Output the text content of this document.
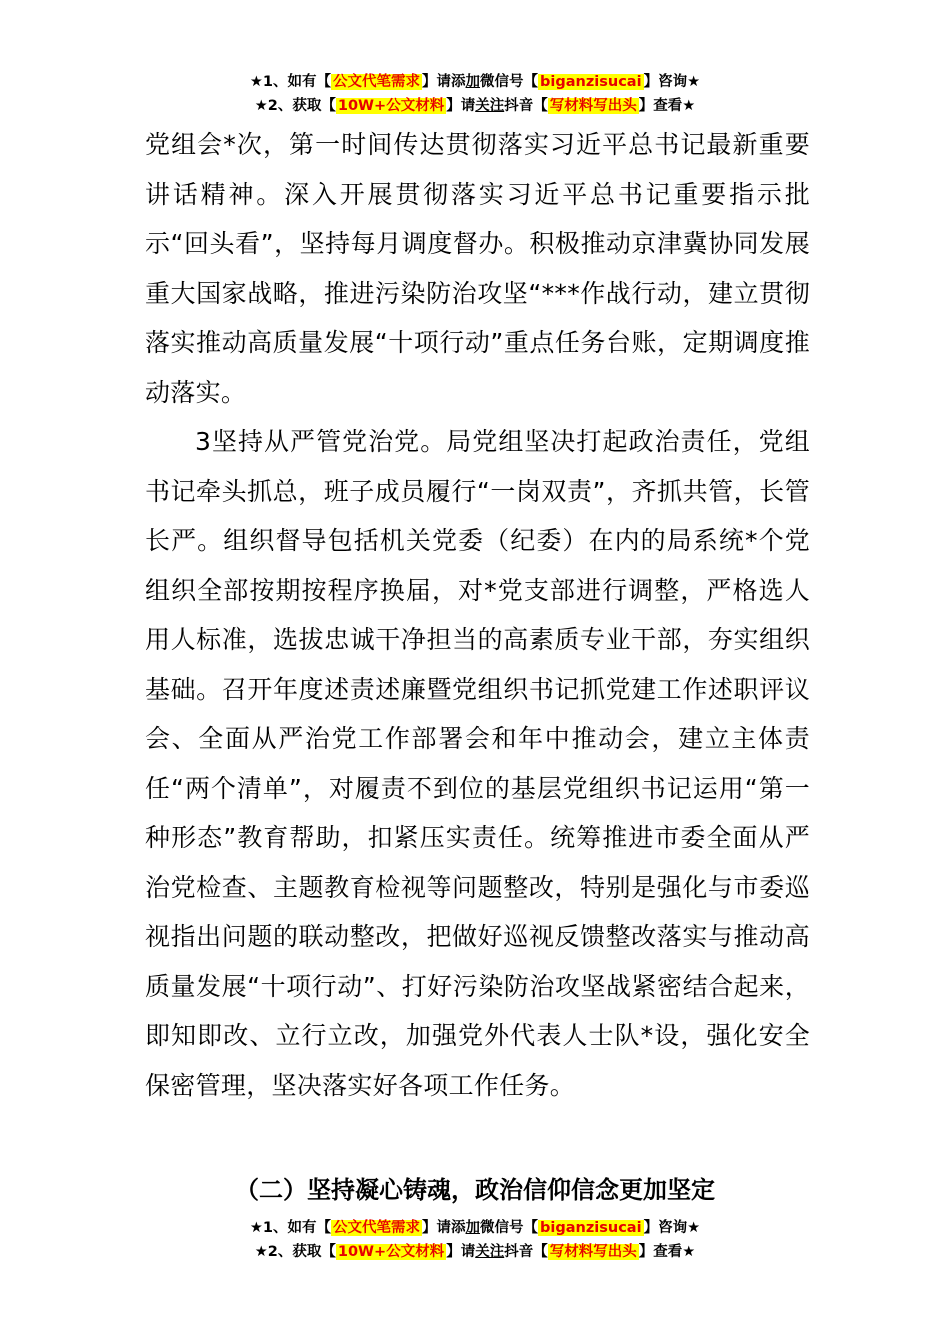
★1、如有【 公文代笔需求 】请添加微信号【 biganzisucai 】咨询★
★2、获取【 10W+公文材料 】请关注抖音【 写材料写出头 】查看★

党组会*次，第一时间传达贯彻落实习近平总书记最新重要讲话精神。深入开展贯彻落实习近平总书记重要指示批示“回头看”，坚持每月调度督办。积极推动京津冀协同发展重大国家战略，推进污染防治攻坚“***作战行动，建立贯彻落实推动高质量发展“十项行动”重点任务台账，定期调度推动落实。

3坚持从严管党治党。局党组坚决打起政治责任，党组书记牵头抓总，班子成员履行“一岗双责”，齐抓共管，长管长严。组织督导包括机关党委（纪委）在内的局系统*个党组织全部按期按程序换届，对*党支部进行调整，严格选人用人标准，选拔忠诚干净担当的高素质专业干部，夯实组织基础。召开年度述责述廉暨党组织书记抓党建工作述职评议会、全面从严治党工作部署会和年中推动会，建立主体责任“两个清单”，对履责不到位的基层党组织书记运用“第一种形态”教育帮助，扣紧压实责任。统筹推进市委全面从严治党检查、主题教育检视等问题整改，特别是强化与市委巡视指出问题的联动整改，把做好巡视反馈整改落实与推动高质量发展“十项行动”、打好污染防治攻坚战紧密结合起来，即知即改、立行立改，加强党外代表人士队*设，强化安全保密管理，坚决落实好各项工作任务。

（二）坚持凝心铸魂，政治信仰信念更加坚定
★1、如有【 公文代笔需求 】请添加微信号【 biganzisucai 】咨询★
★2、获取【 10W+公文材料 】请关注抖音【 写材料写出头 】查看★
